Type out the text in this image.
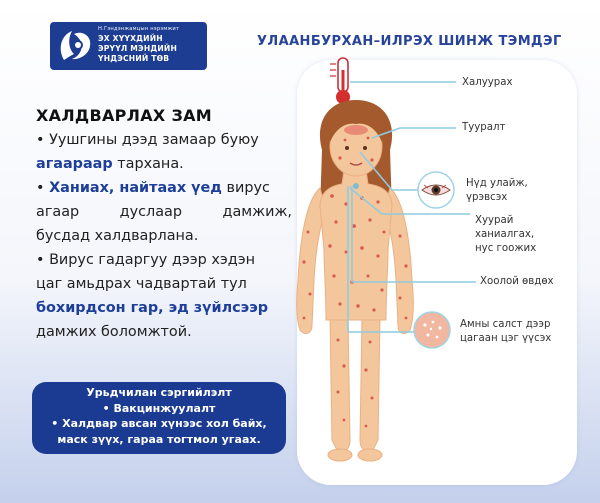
Н.Гэндэнжамцын нэрэмжит
ЭХ ХҮҮХДИЙН
ЭРҮҮЛ МЭНДИЙН
ҮНДЭСНИЙ ТӨВ
УЛААНБУРХАН–ИЛРЭХ ШИНЖ ТЭМДЭГ
ХАЛДВАРЛАХ ЗАМ
• Уушгины дээд замаар буюу
агаараар тархана.
• Ханиах, найтаах үед вирус
агаар	дуслаар	дамжиж,
бусдад халдварлана.
• Вирус гадаргуу дээр хэдэн
цаг амьдрах чадвартай тул
бохирдсон гар, эд зүйлсээр
дамжих боломжтой.
Урьдчилан сэргийлэлт
• Вакцинжуулалт
• Халдвар авсан хүнээс хол байх,
маск зүүх, гараа тогтмол угаах.
Халуурах
Тууралт
Нүд улайж,
үрэвсэх
Хуурай
ханиалгах,
нус гоожих
Хоолой өвдөх
Амны салст дээр
цагаан цэг үүсэх
